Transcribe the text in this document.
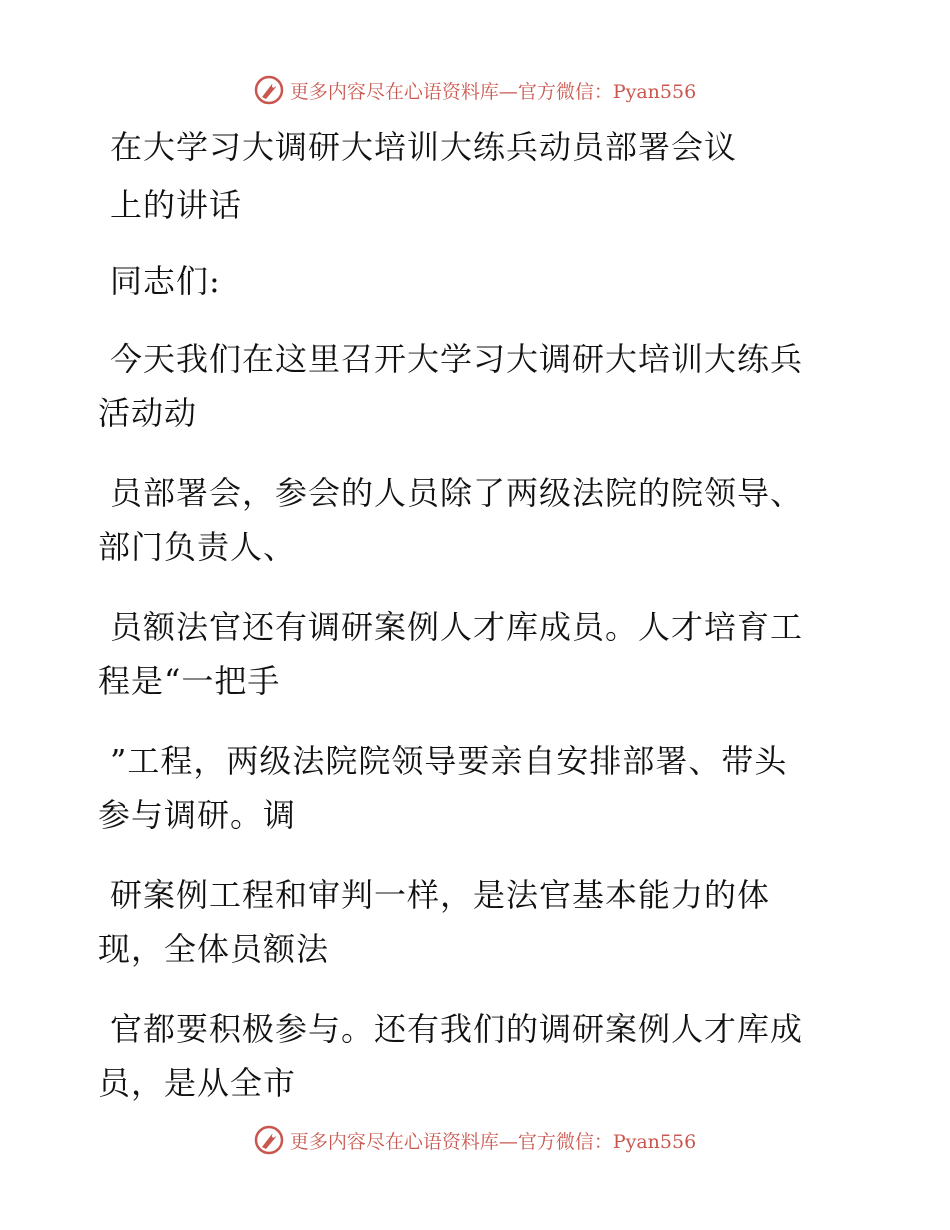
更多内容尽在心语资料库—官方微信：Pyan556
在大学习大调研大培训大练兵动员部署会议
上的讲话
同志们:
今天我们在这里召开大学习大调研大培训大练兵
活动动
员部署会，参会的人员除了两级法院的院领导、
部门负责人、
员额法官还有调研案例人才库成员。人才培育工
程是“一把手
”工程，两级法院院领导要亲自安排部署、带头
参与调研。调
研案例工程和审判一样，是法官基本能力的体
现，全体员额法
官都要积极参与。还有我们的调研案例人才库成
员，是从全市
更多内容尽在心语资料库—官方微信：Pyan556
